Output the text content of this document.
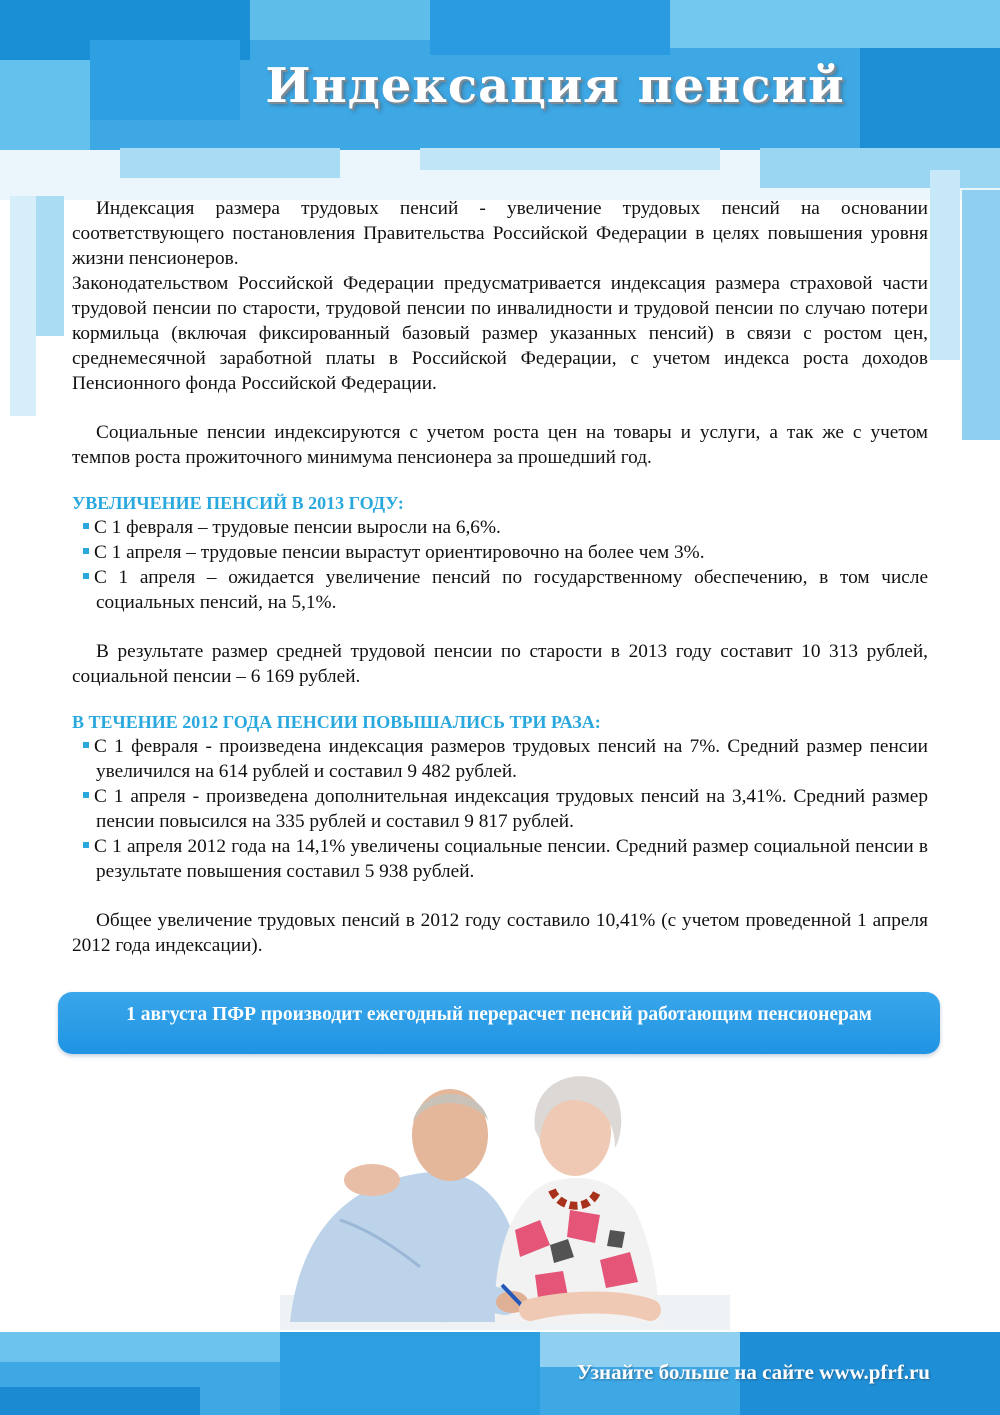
Индексация пенсий

Индексация размера трудовых пенсий - увеличение трудовых пенсий на основании соответствующего постановления Правительства Российской Федерации в целях повышения уровня жизни пенсионеров.

Законодательством Российской Федерации предусматривается индексация размера страховой части трудовой пенсии по старости, трудовой пенсии по инвалидности и трудовой пенсии по случаю потери кормильца (включая фиксированный базовый размер указанных пенсий) в связи с ростом цен, среднемесячной заработной платы в Российской Федерации, с учетом индекса роста доходов Пенсионного фонда Российской Федерации.

Социальные пенсии индексируются с учетом роста цен на товары и услуги, а так же с учетом темпов роста прожиточного минимума пенсионера за прошедший год.

УВЕЛИЧЕНИЕ ПЕНСИЙ В 2013 ГОДУ:

С 1 февраля – трудовые пенсии выросли на 6,6%.
С 1 апреля – трудовые пенсии вырастут ориентировочно на более чем 3%.
С 1 апреля – ожидается увеличение пенсий по государственному обеспечению, в том числе социальных пенсий, на 5,1%.

В результате размер средней трудовой пенсии по старости в 2013 году составит 10 313 рублей, социальной пенсии – 6 169 рублей.

В ТЕЧЕНИЕ 2012 ГОДА ПЕНСИИ ПОВЫШАЛИСЬ ТРИ РАЗА:

С 1 февраля - произведена индексация размеров трудовых пенсий на 7%. Средний размер пенсии увеличился на 614 рублей и составил 9 482 рублей.
С 1 апреля - произведена дополнительная индексация трудовых пенсий на 3,41%. Средний размер пенсии повысился на 335 рублей и составил 9 817 рублей.
С 1 апреля 2012 года на 14,1% увеличены социальные пенсии. Средний размер социальной пенсии в результате повышения составил 5 938 рублей.

Общее увеличение трудовых пенсий в 2012 году составило 10,41% (с учетом проведенной 1 апреля 2012 года индексации).

1 августа ПФР производит ежегодный перерасчет пенсий работающим пенсионерам
Узнайте больше на сайте www.pfrf.ru
